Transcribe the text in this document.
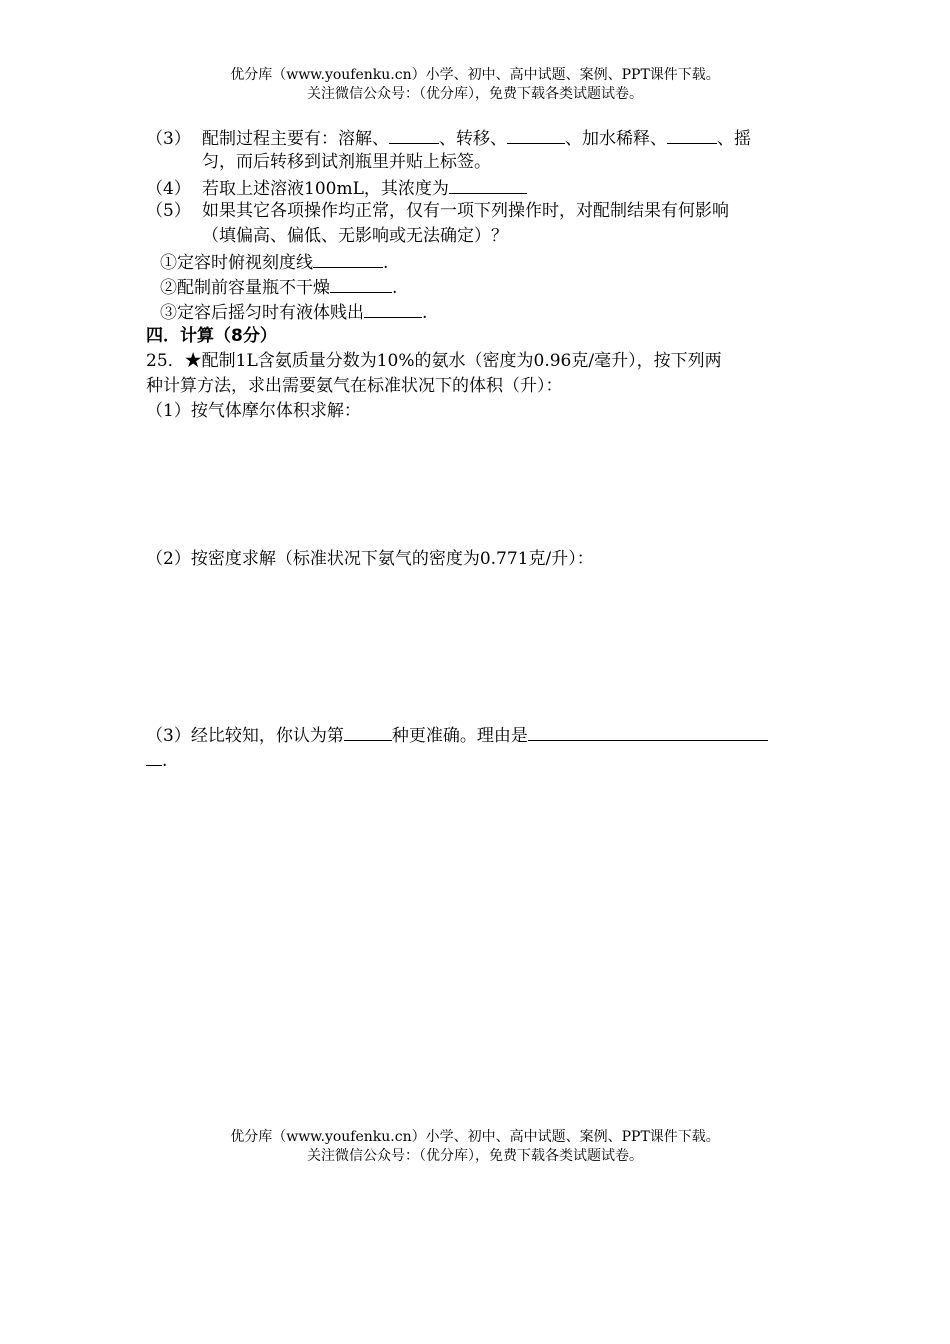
优分库（www.youfenku.cn）小学、初中、高中试题、案例、PPT课件下载。
关注微信公众号：（优分库），免费下载各类试题试卷。
（3） 配制过程主要有：溶解、	、转移、	、加水稀释、	、摇
匀，而后转移到试剂瓶里并贴上标签。
（4） 若取上述溶液100mL，其浓度为
（5） 如果其它各项操作均正常，仅有一项下列操作时，对配制结果有何影响
（填偏高、偏低、无影响或无法确定）？
①定容时俯视刻度线	.
②配制前容量瓶不干燥	.
③定容后摇匀时有液体贱出	.
四．计算（8分）
25．★配制1L含氨质量分数为10%的氨水（密度为0.96克/毫升），按下列两
种计算方法，求出需要氨气在标准状况下的体积（升）：
（1）按气体摩尔体积求解：
（2）按密度求解（标准状况下氨气的密度为0.771克/升）：
（3）经比较知，你认为第	种更准确。理由是
.
优分库（www.youfenku.cn）小学、初中、高中试题、案例、PPT课件下载。
关注微信公众号：（优分库），免费下载各类试题试卷。
